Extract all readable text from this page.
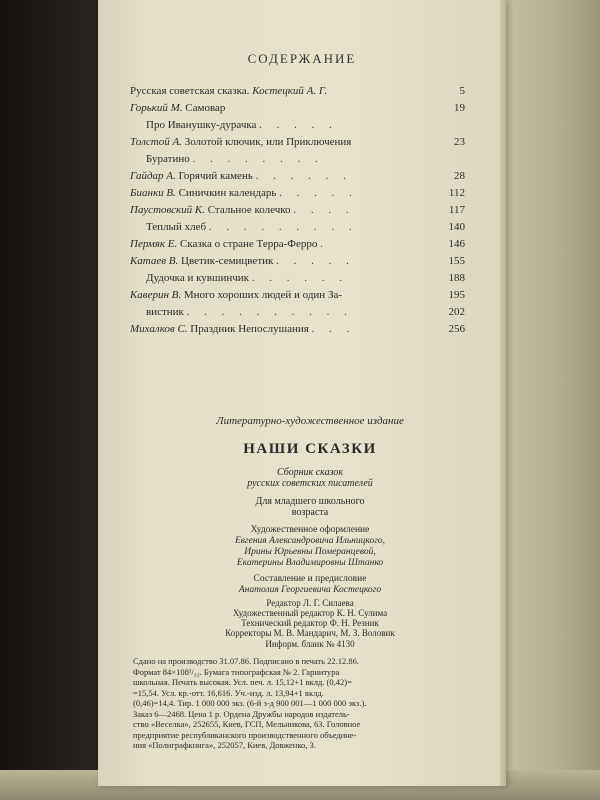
СОДЕРЖАНИЕ
Русская советская сказка. Костецкий А. Г.	5
Горький М. Самовар	19
Про Иванушку-дурачка . . . . .
Толстой А. Золотой ключик, или Приключения	23
Буратино . . . . . . . .
Гайдар А. Горячий камень . . . . . .	28
Бианки В. Синичкин календарь . . . . .	112
Паустовский К. Стальное колечко . . . .	117
Теплый хлеб . . . . . . . . .	140
Пермяк Е. Сказка о стране Терра-Ферро .	146
Катаев В. Цветик-семицветик . . . . .	155
Дудочка и кувшинчик . . . . . .	188
Каверин В. Много хороших людей и один За-	195
вистник . . . . . . . . . .	202
Михалков С. Праздник Непослушания . . .	256
Литературно-художественное издание
НАШИ СКАЗКИ
Сборник сказок
русских советских писателей
Для младшего школьного
возраста
Художественное оформление
Евгения Александровича Ильницкого,
Ирины Юрьевны Померанцевой,
Екатерины Владимировны Штанко
Составление и предисловие
Анатолия Георгиевича Костецкого
Редактор Л. Г. Силаева
Художественный редактор К. Н. Сулима
Технический редактор Ф. Н. Резник
Корректоры М. В. Мандарич, М. З. Воловик
Информ. бланк № 4130
Сдано на производство 31.07.86. Подписано в печать 22.12.86.
Формат 84×108¹/₃₂. Бумага типографская № 2. Гарнитура
школьная. Печать высокая. Усл. печ. л. 15,12+1 вклд. (0,42)=
=15,54. Усл. кр.-отт. 16,616. Уч.-изд. л. 13,94+1 вклд.
(0,46)=14,4. Тир. 1 000 000 экз. (6-й з-д 900 001—1 000 000 экз.).
Заказ 6—2468. Цена 1 р. Ордена Дружбы народов издатель-
ство «Веселка», 252655, Киев, ГСП, Мельникова, 63. Головное
предприятие республиканского производственного объедине-
ния «Полиграфкнига», 252057, Киев, Довженко, 3.
